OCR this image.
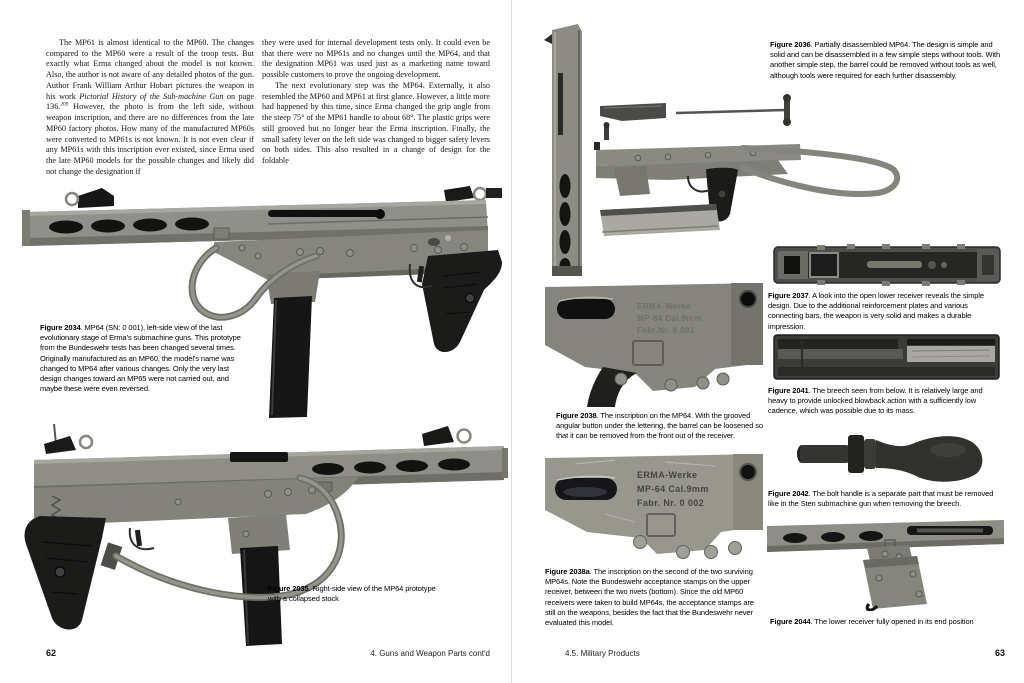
The MP61 is almost identical to the MP60. The changes compared to the MP60 were a result of the troop tests. But exactly what Erma changed about the model is not known. Also, the author is not aware of any detailed photos of the gun. Author Frank William Arthur Hobart pictures the weapon in his work Pictorial History of the Sub-machine Gun on page 136.$^{209}$ However, the photo is from the left side, without weapon inscription, and there are no differences from the late MP60 factory photos. How many of the manufactured MP60s were converted to MP61s is not known. It is not even clear if any MP61s with this inscription ever existed, since Erma used the late MP60 models for the possible changes and likely did not change the designation if

they were used for internal development tests only. It could even be that there were no MP61s and no changes until the MP64, and that the designation MP61 was used just as a marketing name toward possible customers to prove the ongoing development.

The next evolutionary step was the MP64. Externally, it also resembled the MP60 and MP61 at first glance. However, a little more had happened by this time, since Erma changed the grip angle from the steep 75° of the MP61 handle to about 68°. The plastic grips were still grooved but no longer bear the Erma inscription. Finally, the small safety lever on the left side was changed to bigger safety levers on both sides. This also resulted in a change of design for the foldable

Figure 2034. MP64 (SN: 0 001), left-side view of the last evolutionary stage of Erma's submachine guns. This prototype from the Bundeswehr tests has been changed several times. Originally manufactured as an MP60, the model's name was changed to MP64 after various changes. Only the very last design changes toward an MP65 were not carried out, and maybe these were even reversed.
Figure 2035. Right-side view of the MP64 prototype with a collapsed stock
62	4. Guns and Weapon Parts cont'd
Figure 2036. Partially disassembled MP64. The design is simple and solid and can be disassembled in a few simple steps without tools. With another simple step, the barrel could be removed without tools as well, although tools were required for each further disassembly.
Figure 2037. A look into the open lower receiver reveals the simple design. Due to the additional reinforcement plates and various connecting bars, the weapon is very solid and makes a durable impression.
ERMA-Werke
MP-64 Cal.9mm
Fabr.Nr. 0 001
Figure 2038. The inscription on the MP64. With the grooved angular button under the lettering, the barrel can be loosened so that it can be removed from the front out of the receiver.
Figure 2041. The breech seen from below. It is relatively large and heavy to provide unlocked blowback action with a sufficiently low cadence, which was possible due to its mass.
Figure 2042. The bolt handle is a separate part that must be removed like in the Sten submachine gun when removing the breech.
ERMA-Werke
MP-64 Cal.9mm
Fabr. Nr. 0 002
Figure 2038a. The inscription on the second of the two surviving MP64s. Note the Bundeswehr acceptance stamps on the upper receiver, between the two rivets (bottom). Since the old MP60 receivers were taken to build MP64s, the acceptance stamps are still on the weapons, besides the fact that the Bundeswehr never evaluated this model.	Figure 2044. The lower receiver fully opened in its end position
4.5. Military Products	63
